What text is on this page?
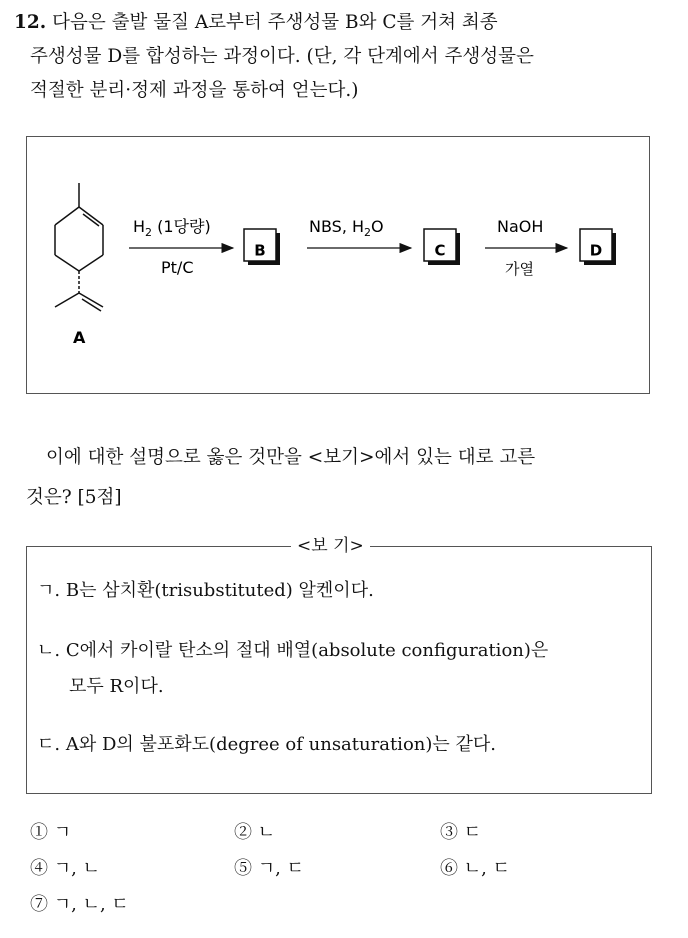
12. 다음은 출발 물질 A로부터 주생성물 B와 C를 거쳐 최종
주생성물 D를 합성하는 과정이다. (단, 각 단계에서 주생성물은
적절한 분리·정제 과정을 통하여 얻는다.)
A
$H_2$ (1당량)
Pt/C
B
NBS, $H_2O$
C
NaOH
가열
D
이에 대한 설명으로 옳은 것만을 <보기>에서 있는 대로 고른
것은? [5점]
<보 기>
ㄱ. B는 삼치환(trisubstituted) 알켄이다.
ㄴ. C에서 카이랄 탄소의 절대 배열(absolute configuration)은
모두 R이다.
ㄷ. A와 D의 불포화도(degree of unsaturation)는 같다.
① ㄱ	② ㄴ	③ ㄷ
④ ㄱ, ㄴ	⑤ ㄱ, ㄷ	⑥ ㄴ, ㄷ
⑦ ㄱ, ㄴ, ㄷ
